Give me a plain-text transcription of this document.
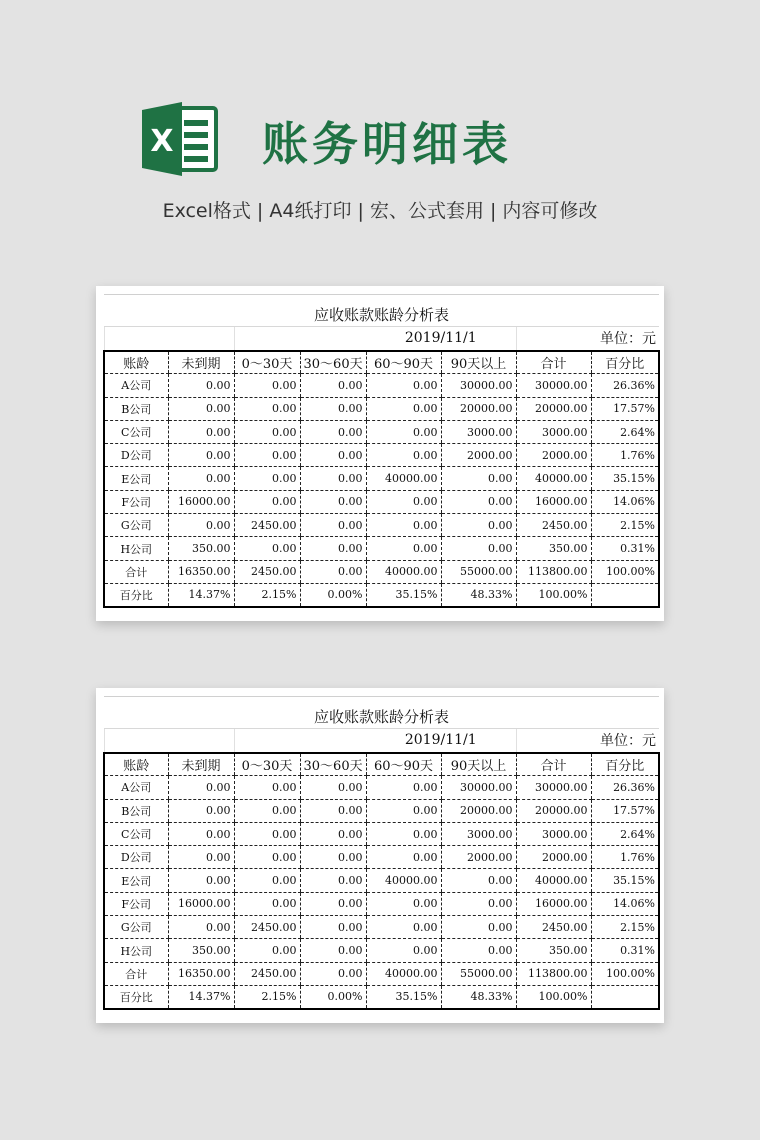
X 账务明细表
Excel格式 | A4纸打印 | 宏、公式套用 | 内容可修改
应收账款账龄分析表							
				2019/11/1			单位：元
账龄	未到期	0～30天	30～60天	60～90天	90天以上	合计	百分比
A公司	0.00	0.00	0.00	0.00	30000.00	30000.00	26.36%
B公司	0.00	0.00	0.00	0.00	20000.00	20000.00	17.57%
C公司	0.00	0.00	0.00	0.00	3000.00	3000.00	2.64%
D公司	0.00	0.00	0.00	0.00	2000.00	2000.00	1.76%
E公司	0.00	0.00	0.00	40000.00	0.00	40000.00	35.15%
F公司	16000.00	0.00	0.00	0.00	0.00	16000.00	14.06%
G公司	0.00	2450.00	0.00	0.00	0.00	2450.00	2.15%
H公司	350.00	0.00	0.00	0.00	0.00	350.00	0.31%
合计	16350.00	2450.00	0.00	40000.00	55000.00	113800.00	100.00%
百分比	14.37%	2.15%	0.00%	35.15%	48.33%	100.00%	
应收账款账龄分析表							
				2019/11/1			单位：元
账龄	未到期	0～30天	30～60天	60～90天	90天以上	合计	百分比
A公司	0.00	0.00	0.00	0.00	30000.00	30000.00	26.36%
B公司	0.00	0.00	0.00	0.00	20000.00	20000.00	17.57%
C公司	0.00	0.00	0.00	0.00	3000.00	3000.00	2.64%
D公司	0.00	0.00	0.00	0.00	2000.00	2000.00	1.76%
E公司	0.00	0.00	0.00	40000.00	0.00	40000.00	35.15%
F公司	16000.00	0.00	0.00	0.00	0.00	16000.00	14.06%
G公司	0.00	2450.00	0.00	0.00	0.00	2450.00	2.15%
H公司	350.00	0.00	0.00	0.00	0.00	350.00	0.31%
合计	16350.00	2450.00	0.00	40000.00	55000.00	113800.00	100.00%
百分比	14.37%	2.15%	0.00%	35.15%	48.33%	100.00%	
